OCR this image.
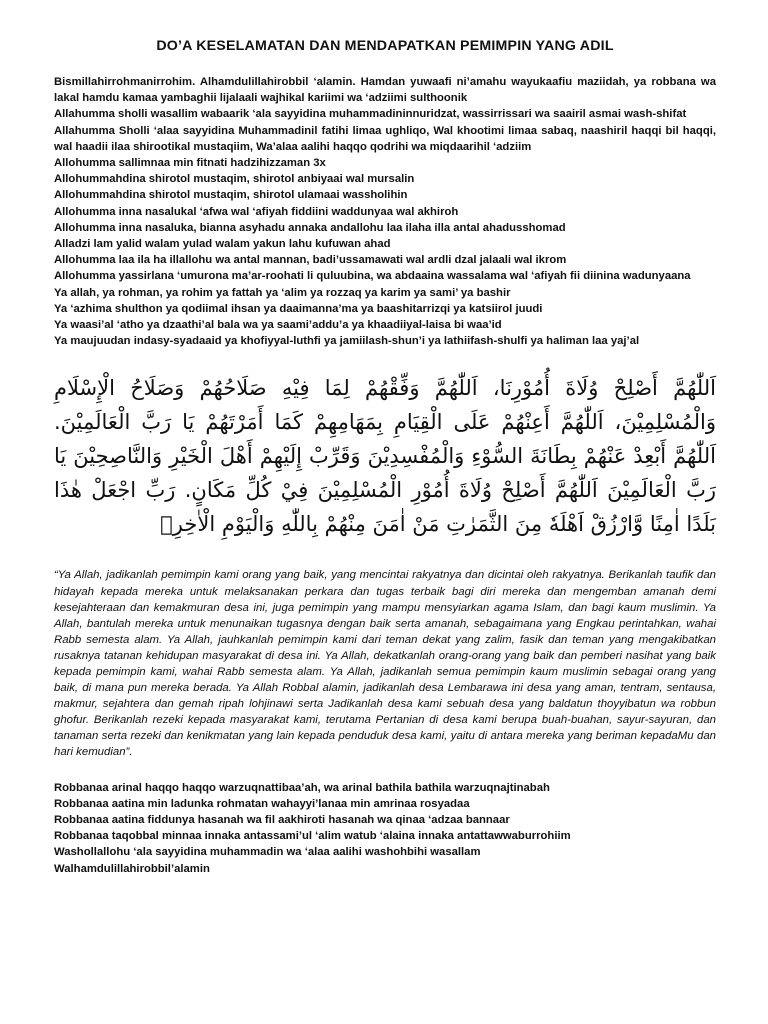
DO’A KESELAMATAN DAN MENDAPATKAN PEMIMPIN YANG ADIL
Bismillahirrohmanirrohim. Alhamdulillahirobbil ‘alamin. Hamdan yuwaafi ni’amahu wayukaafiu maziidah, ya robbana wa lakal hamdu kamaa yambaghii lijalaali wajhikal kariimi wa ‘adziimi sulthoonik
Allahumma sholli wasallim wabaarik ‘ala sayyidina muhammadininnuridzat, wassirrissari wa saairil asmai wash-shifat
Allahumma Sholli ‘alaa sayyidina Muhammadinil fatihi limaa ughliqo, Wal khootimi limaa sabaq, naashiril haqqi bil haqqi, wal haadii ilaa shirootikal mustaqiim, Wa’alaa aalihi haqqo qodrihi wa miqdaarihil ‘adziim
Allohumma sallimnaa min fitnati hadzihizzaman 3x
Allohummahdina shirotol mustaqim, shirotol anbiyaai wal mursalin
Allohummahdina shirotol mustaqim, shirotol ulamaai wassholihin
Allohumma inna nasalukal ‘afwa wal ‘afiyah fiddiini waddunyaa wal akhiroh
Allohumma inna nasaluka, bianna asyhadu annaka andallohu laa ilaha illa antal ahadusshomad
Alladzi lam yalid walam yulad walam yakun lahu kufuwan ahad
Allohumma laa ila ha illallohu wa antal mannan, badi’ussamawati wal ardli dzal jalaali wal ikrom
Allohumma yassirlana ‘umurona ma’ar-roohati li quluubina, wa abdaaina wassalama wal ‘afiyah fii diinina wadunyaana
Ya allah, ya rohman, ya rohim ya fattah ya ‘alim ya rozzaq ya karim ya sami’ ya bashir
Ya ‘azhima shulthon ya qodiimal ihsan ya daaimanna’ma ya baashitarrizqi ya katsiirol juudi
Ya waasi’al ‘atho ya dzaathi’al bala wa ya saami’addu’a ya khaadiiyal-laisa bi waa’id
Ya maujuudan indasy-syadaaid ya khofiyyal-luthfi ya jamiilash-shun’i ya lathiifash-shulfi ya haliman laa yaj’al

اَللّٰهُمَّ أَصْلِحْ وُلَاةَ أُمُوْرِنَا، اَللّٰهُمَّ وَفِّقْهُمْ لِمَا فِيْهِ صَلَاحُهُمْ وَصَلَاحُ الْإِسْلَامِ وَالْمُسْلِمِيْنَ، اَللّٰهُمَّ أَعِنْهُمْ عَلَى الْقِيَامِ بِمَهَامِهِمْ كَمَا أَمَرْتَهُمْ يَا رَبَّ الْعَالَمِيْنَ. اَللّٰهُمَّ أَبْعِدْ عَنْهُمْ بِطَانَةَ السُّوْءِ وَالْمُفْسِدِيْنَ وَقَرِّبْ إِلَيْهِمْ أَهْلَ الْخَيْرِ وَالنَّاصِحِيْنَ يَا رَبَّ الْعَالَمِيْنَ اَللّٰهُمَّ أَصْلِحْ وُلَاةَ أُمُوْرِ الْمُسْلِمِيْنَ فِيْ كُلِّ مَكَانٍ. رَبِّ اجْعَلْ هٰذَا بَلَدًا اٰمِنًا وَّارْزُقْ اَهْلَهٗ مِنَ الثَّمَرٰتِ مَنْ اٰمَنَ مِنْهُمْ بِاللّٰهِ وَالْيَوْمِ الْاٰخِرِۗ

“Ya Allah, jadikanlah pemimpin kami orang yang baik, yang mencintai rakyatnya dan dicintai oleh rakyatnya. Berikanlah taufik dan hidayah kepada mereka untuk melaksanakan perkara dan tugas terbaik bagi diri mereka dan mengemban amanah demi kesejahteraan dan kemakmuran desa ini, juga pemimpin yang mampu mensyiarkan agama Islam, dan bagi kaum muslimin. Ya Allah, bantulah mereka untuk menunaikan tugasnya dengan baik serta amanah, sebagaimana yang Engkau perintahkan, wahai Rabb semesta alam. Ya Allah, jauhkanlah pemimpin kami dari teman dekat yang zalim, fasik dan teman yang mengakibatkan rusaknya tatanan kehidupan masyarakat di desa ini. Ya Allah, dekatkanlah orang-orang yang baik dan pemberi nasihat yang baik kepada pemimpin kami, wahai Rabb semesta alam. Ya Allah, jadikanlah semua pemimpin kaum muslimin sebagai orang yang baik, di mana pun mereka berada. Ya Allah Robbal alamin, jadikanlah desa Lembarawa ini desa yang aman, tentram, sentausa, makmur, sejahtera dan gemah ripah lohjinawi serta Jadikanlah desa kami sebuah desa yang baldatun thoyyibatun wa robbun ghofur. Berikanlah rezeki kepada masyarakat kami, terutama Pertanian di desa kami berupa buah-buahan, sayur-sayuran, dan tanaman serta rezeki dan kenikmatan yang lain kepada penduduk desa kami, yaitu di antara mereka yang beriman kepadaMu dan hari kemudian”.

Robbanaa arinal haqqo haqqo warzuqnattibaa’ah, wa arinal bathila bathila warzuqnajtinabah
Robbanaa aatina min ladunka rohmatan wahayyi’lanaa min amrinaa rosyadaa
Robbanaa aatina fiddunya hasanah wa fil aakhiroti hasanah wa qinaa ‘adzaa bannaar
Robbanaa taqobbal minnaa innaka antassami’ul ‘alim watub ‘alaina innaka antattawwaburrohiim
Washollallohu ‘ala sayyidina muhammadin wa ‘alaa aalihi washohbihi wasallam
Walhamdulillahirobbil’alamin
